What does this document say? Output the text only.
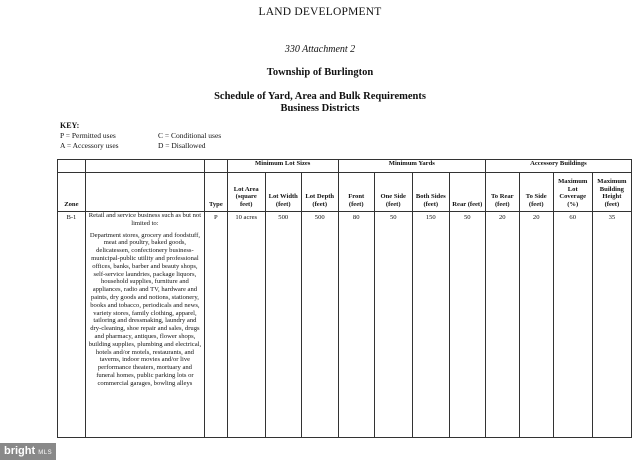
LAND DEVELOPMENT
330 Attachment 2
Township of Burlington
Schedule of Yard, Area and Bulk Requirements
Business Districts
KEY:
P = Permitted uses	C = Conditional uses
A = Accessory uses	D = Disallowed
			Minimum Lot Sizes			Minimum Yards				Accessory Buildings			
Zone		Type	Lot Area (square feet)	Lot Width (feet)	Lot Depth (feet)	Front (feet)	One Side (feet)	Both Sides (feet)	Rear (feet)	To Rear (feet)	To Side (feet)	Maximum Lot Coverage (%)	Maximum Building Height (feet)
B-1	Retail and service business such as but not limited to:

Department stores, grocery and foodstuff, meat and poultry, baked goods, delicatessen, confectionery business-municipal-public utility and professional offices, banks, barber and beauty shops, self-service laundries, package liquors, household supplies, furniture and appliances, radio and TV, hardware and paints, dry goods and notions, stationery, books and tobacco, periodicals and news, variety stores, family clothing, apparel, tailoring and dressmaking, laundry and dry-cleaning, shoe repair and sales, drugs and pharmacy, antiques, flower shops, building supplies, plumbing and electrical, hotels and/or motels, restaurants, and taverns, indoor movies and/or live performance theaters, mortuary and funeral homes, public parking lots or commercial garages, bowling alleys	P	10 acres	500	500	80	50	150	50	20	20	60	35
bright MLS
